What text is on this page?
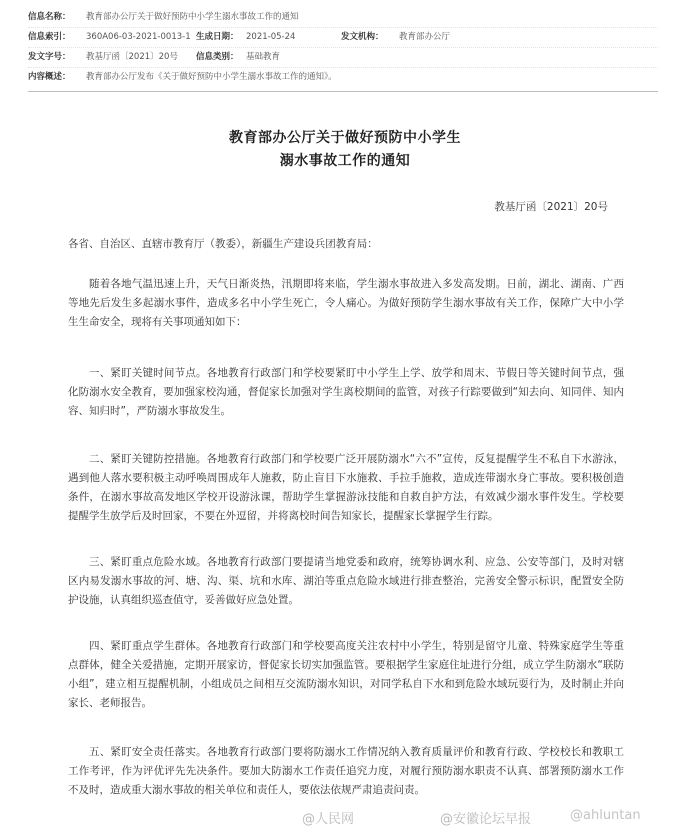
信息名称：	教育部办公厅关于做好预防中小学生溺水事故工作的通知
信息索引：	360A06-03-2021-0013-1 生成日期： 2021-05-24	发文机构：	教育部办公厅
发文字号：	教基厅函〔2021〕20号	信息类别： 基础教育
内容概述：	教育部办公厅发布《关于做好预防中小学生溺水事故工作的通知》。
教育部办公厅关于做好预防中小学生
溺水事故工作的通知
教基厅函〔2021〕20号
各省、自治区、直辖市教育厅（教委），新疆生产建设兵团教育局：

随着各地气温迅速上升，天气日渐炎热，汛期即将来临，学生溺水事故进入多发高发期。日前，湖北、湖南、广西等地先后发生多起溺水事件，造成多名中小学生死亡，令人痛心。为做好预防学生溺水事故有关工作，保障广大中小学生生命安全，现将有关事项通知如下：

一、紧盯关键时间节点。各地教育行政部门和学校要紧盯中小学生上学、放学和周末、节假日等关键时间节点，强化防溺水安全教育，要加强家校沟通，督促家长加强对学生离校期间的监管，对孩子行踪要做到“知去向、知同伴、知内容、知归时”，严防溺水事故发生。

二、紧盯关键防控措施。各地教育行政部门和学校要广泛开展防溺水“六不”宣传，反复提醒学生不私自下水游泳，遇到他人落水要积极主动呼唤周围成年人施救，防止盲目下水施救、手拉手施救，造成连带溺水身亡事故。要积极创造条件，在溺水事故高发地区学校开设游泳课，帮助学生掌握游泳技能和自救自护方法，有效减少溺水事件发生。学校要提醒学生放学后及时回家，不要在外逗留，并将离校时间告知家长，提醒家长掌握学生行踪。

三、紧盯重点危险水域。各地教育行政部门要提请当地党委和政府，统筹协调水利、应急、公安等部门，及时对辖区内易发溺水事故的河、塘、沟、渠、坑和水库、湖泊等重点危险水域进行排查整治，完善安全警示标识，配置安全防护设施，认真组织巡查值守，妥善做好应急处置。

四、紧盯重点学生群体。各地教育行政部门和学校要高度关注农村中小学生，特别是留守儿童、特殊家庭学生等重点群体，健全关爱措施，定期开展家访，督促家长切实加强监管。要根据学生家庭住址进行分组，成立学生防溺水“联防小组”，建立相互提醒机制，小组成员之间相互交流防溺水知识，对同学私自下水和到危险水域玩耍行为，及时制止并向家长、老师报告。

五、紧盯安全责任落实。各地教育行政部门要将防溺水工作情况纳入教育质量评价和教育行政、学校校长和教职工工作考评，作为评优评先先决条件。要加大防溺水工作责任追究力度，对履行预防溺水职责不认真、部署预防溺水工作不及时，造成重大溺水事故的相关单位和责任人，要依法依规严肃追责问责。

@人民网	@安徽论坛早报	@ahluntan
